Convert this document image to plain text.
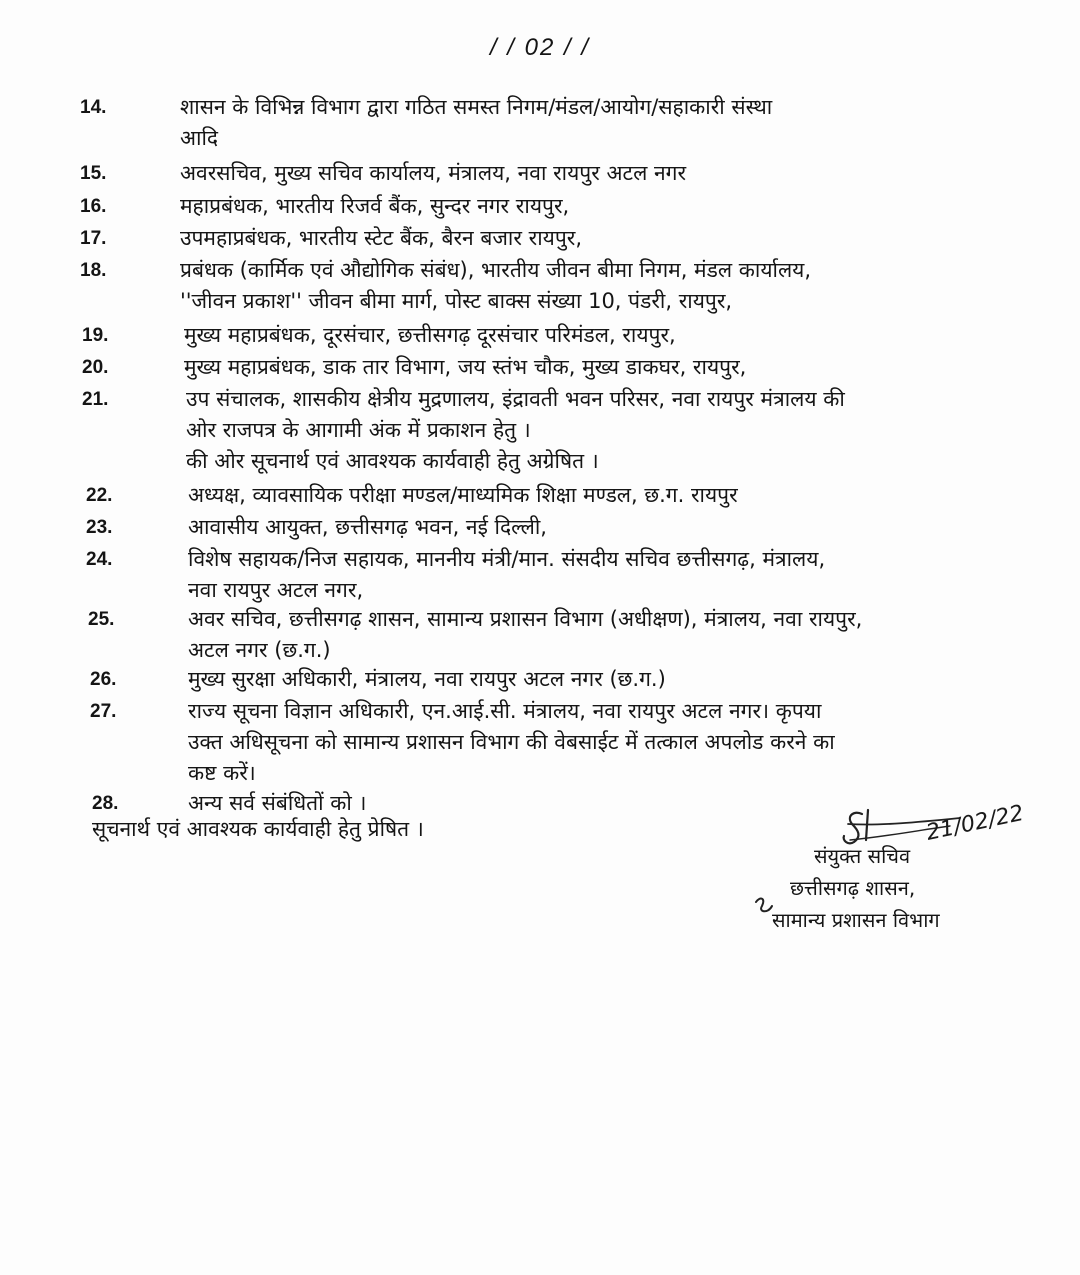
/ / 02 / /
14.	शासन के विभिन्न विभाग द्वारा गठित समस्त निगम/मंडल/आयोग/सहाकारी संस्था
आदि
15.	अवरसचिव, मुख्य सचिव कार्यालय, मंत्रालय, नवा रायपुर अटल नगर
16.	महाप्रबंधक, भारतीय रिजर्व बैंक, सुन्दर नगर रायपुर,
17.	उपमहाप्रबंधक, भारतीय स्टेट बैंक, बैरन बजार रायपुर,
18.	प्रबंधक (कार्मिक एवं औद्योगिक संबंध), भारतीय जीवन बीमा निगम, मंडल कार्यालय,
''जीवन प्रकाश'' जीवन बीमा मार्ग, पोस्ट बाक्स संख्या 10, पंडरी, रायपुर,
19.	मुख्य महाप्रबंधक, दूरसंचार, छत्तीसगढ़ दूरसंचार परिमंडल, रायपुर,
20.	मुख्य महाप्रबंधक, डाक तार विभाग, जय स्तंभ चौक, मुख्य डाकघर, रायपुर,
21.	उप संचालक, शासकीय क्षेत्रीय मुद्रणालय, इंद्रावती भवन परिसर, नवा रायपुर मंत्रालय की
ओर राजपत्र के आगामी अंक में प्रकाशन हेतु ।
की ओर सूचनार्थ एवं आवश्यक कार्यवाही हेतु अग्रेषित ।
22.	अध्यक्ष, व्यावसायिक परीक्षा मण्डल/माध्यमिक शिक्षा मण्डल, छ.ग. रायपुर
23.	आवासीय आयुक्त, छत्तीसगढ़ भवन, नई दिल्ली,
24.	विशेष सहायक/निज सहायक, माननीय मंत्री/मान. संसदीय सचिव छत्तीसगढ़, मंत्रालय,
नवा रायपुर अटल नगर,
25.	अवर सचिव, छत्तीसगढ़ शासन, सामान्य प्रशासन विभाग (अधीक्षण), मंत्रालय, नवा रायपुर,
अटल नगर (छ.ग.)
26.	मुख्य सुरक्षा अधिकारी, मंत्रालय, नवा रायपुर अटल नगर (छ.ग.)
27.	राज्य सूचना विज्ञान अधिकारी, एन.आई.सी. मंत्रालय, नवा रायपुर अटल नगर। कृपया
उक्त अधिसूचना को सामान्य प्रशासन विभाग की वेबसाईट में तत्काल अपलोड करने का
कष्ट करें।
28.	अन्य सर्व संबंधितों को ।
सूचनार्थ एवं आवश्यक कार्यवाही हेतु प्रेषित ।	21/02/22
संयुक्त सचिव
छत्तीसगढ़ शासन,
सामान्य प्रशासन विभाग
